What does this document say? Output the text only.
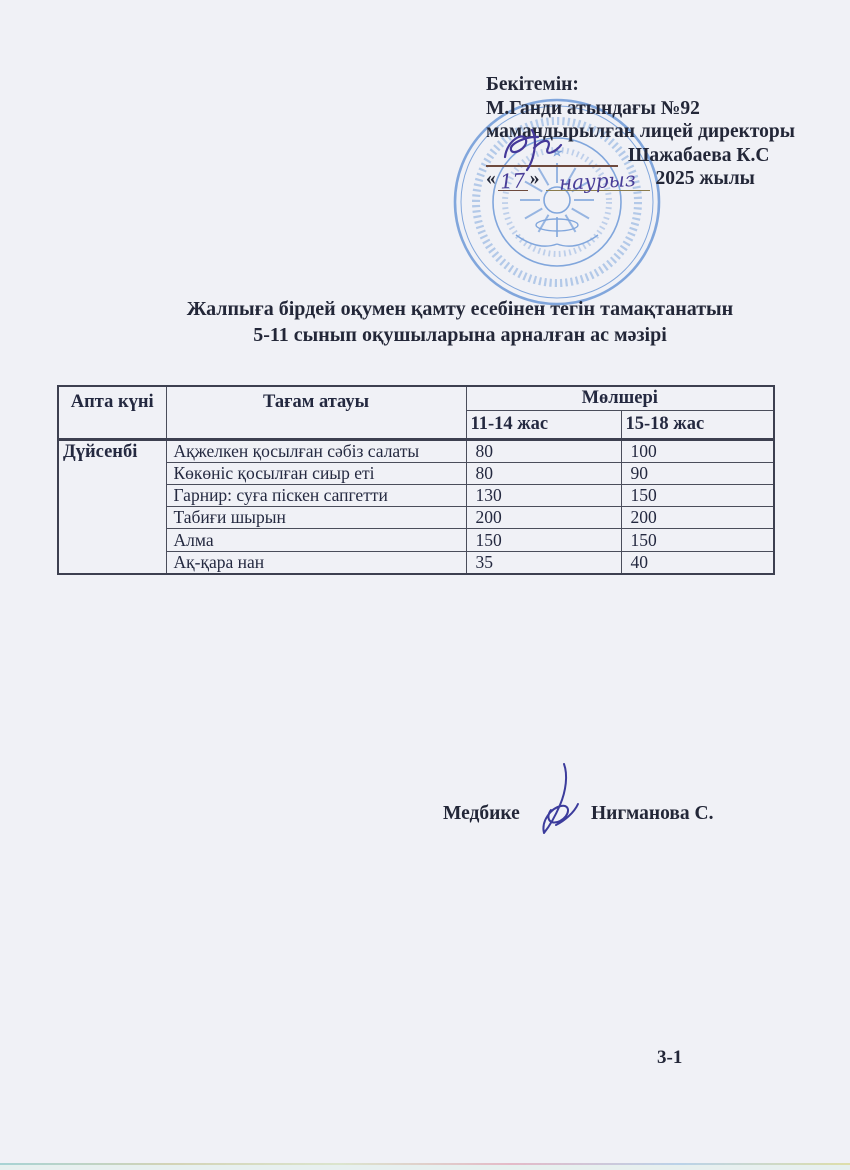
Бекітемін:
М.Ганди атындағы №92
мамандырылған лицей директоры
Шажабаева К.С
« 17 » наурыз 2025 жылы
Жалпыға бірдей оқумен қамту есебінен тегін тамақтанатын
5-11 сынып оқушыларына арналған ас мәзірі
Апта күні	Тағам атауы	Мөлшері	
		11-14 жас	15-18 жас
Дүйсенбі	Ақжелкен қосылған сәбіз салаты	80	100
	Көкөніс қосылған сиыр еті	80	90
	Гарнир: суға піскен сапгетти	130	150
	Табиғи шырын	200	200
	Алма	150	150
	Ақ-қара нан	35	40
Медбике	Нигманова С.
3-1
